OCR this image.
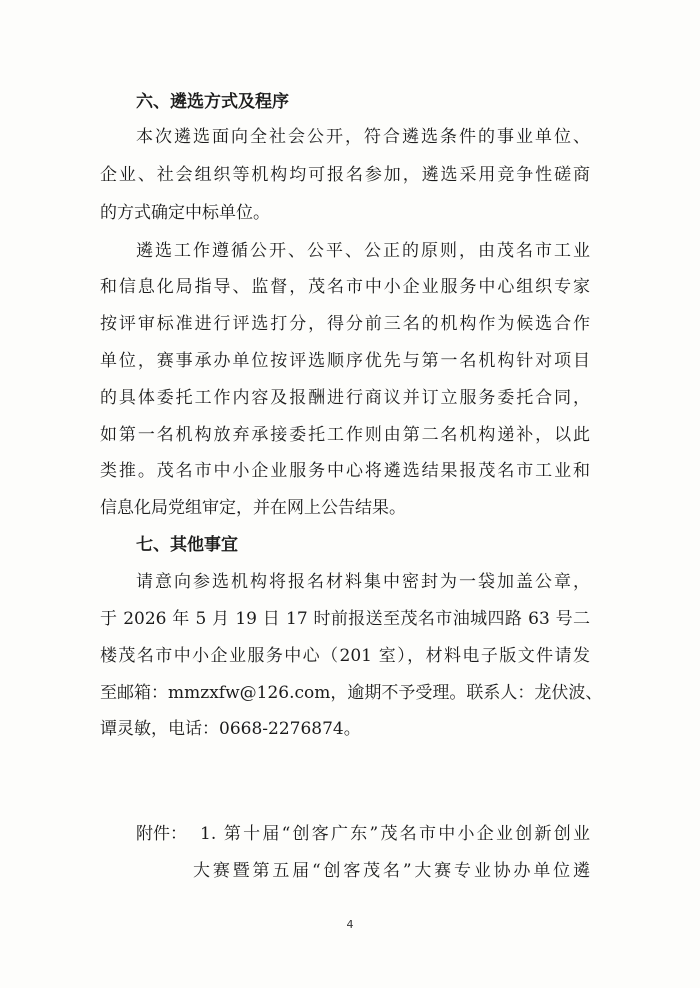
六、遴选方式及程序

本次遴选面向全社会公开，符合遴选条件的事业单位、

企业、社会组织等机构均可报名参加，遴选采用竞争性磋商

的方式确定中标单位。

遴选工作遵循公开、公平、公正的原则，由茂名市工业

和信息化局指导、监督，茂名市中小企业服务中心组织专家

按评审标准进行评选打分，得分前三名的机构作为候选合作

单位，赛事承办单位按评选顺序优先与第一名机构针对项目

的具体委托工作内容及报酬进行商议并订立服务委托合同，

如第一名机构放弃承接委托工作则由第二名机构递补，以此

类推。茂名市中小企业服务中心将遴选结果报茂名市工业和

信息化局党组审定，并在网上公告结果。

七、其他事宜

请意向参选机构将报名材料集中密封为一袋加盖公章，

于 2026 年 5 月 19 日 17 时前报送至茂名市油城四路 63 号二

楼茂名市中小企业服务中心（201 室），材料电子版文件请发

至邮箱：mmzxfw@126.com，逾期不予受理。联系人：龙伏波、

谭灵敏，电话：0668-2276874。

附件： 1. 第十届“创客广东”茂名市中小企业创新创业
大赛暨第五届“创客茂名”大赛专业协办单位遴
4
